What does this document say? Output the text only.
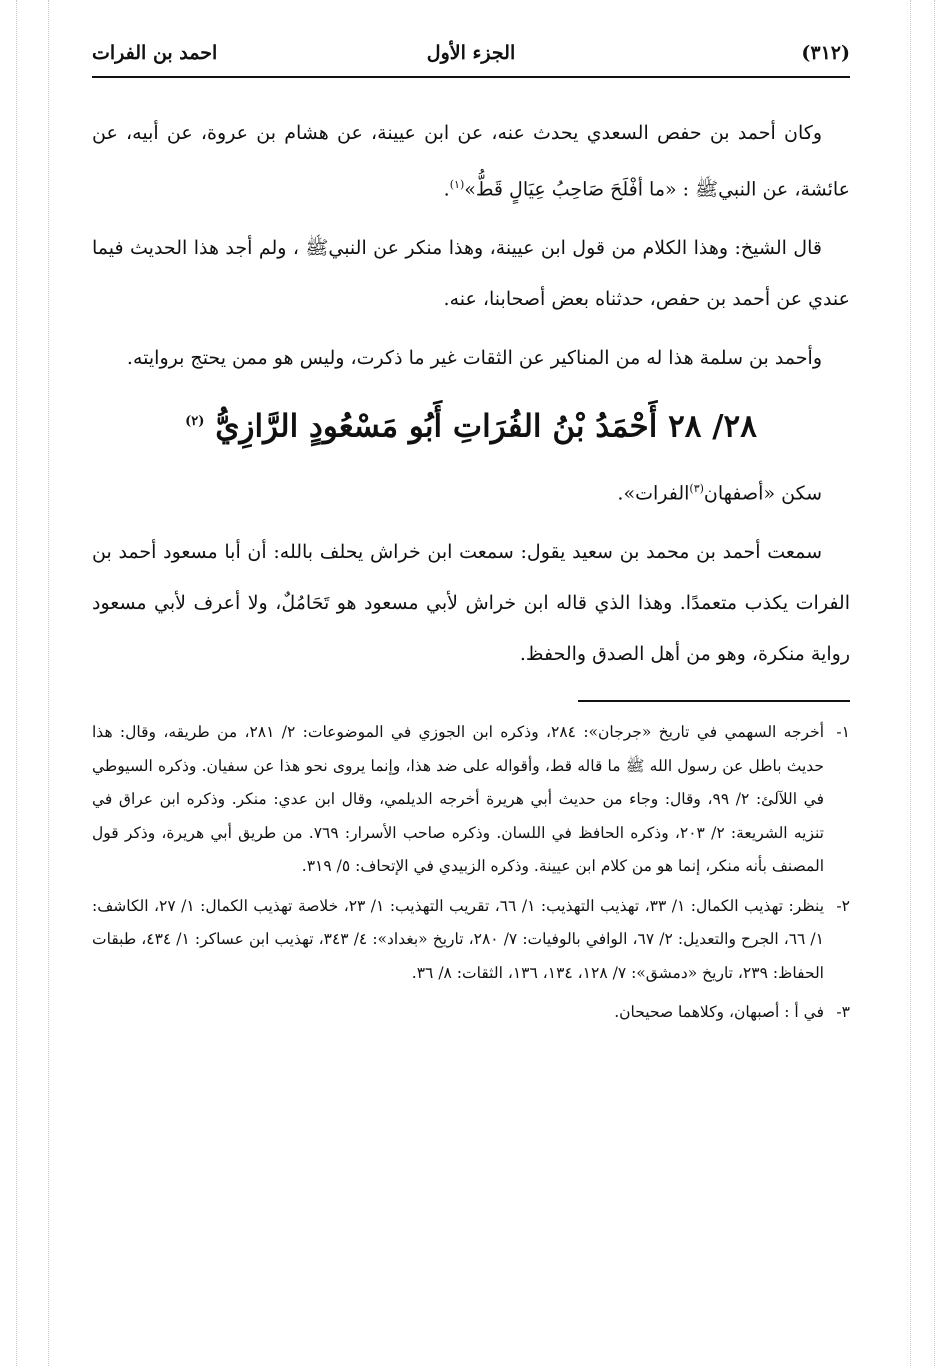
(٣١٢)
الجزء الأول
احمد بن الفرات

وكان أحمد بن حفص السعدي يحدث عنه، عن ابن عيينة، عن هشام بن عروة، عن أبيه، عن عائشة، عن النبيﷺ : «ما أفْلَحَ صَاحِبُ عِيَالٍ قَطُّ»$^{(١)}$.

قال الشيخ: وهذا الكلام من قول ابن عيينة، وهذا منكر عن النبيﷺ ، ولم أجد هذا الحديث فيما عندي عن أحمد بن حفص، حدثناه بعض أصحابنا، عنه.

وأحمد بن سلمة هذا له من المناكير عن الثقات غير ما ذكرت، وليس هو ممن يحتج بروايته.

٢٨/ ٢٨ أَحْمَدُ بْنُ الفُرَاتِ أَبُو مَسْعُودٍ الرَّازِيُّ $^{(٢)}$

سكن «أصفهان$^{(٣)}$الفرات».

سمعت أحمد بن محمد بن سعيد يقول: سمعت ابن خراش يحلف بالله: أن أبا مسعود أحمد بن الفرات يكذب متعمدًا. وهذا الذي قاله ابن خراش لأبي مسعود هو تَحَامُلٌ، ولا أعرف لأبي مسعود رواية منكرة، وهو من أهل الصدق والحفظ.

١-
أخرجه السهمي في تاريخ «جرجان»: ٢٨٤، وذكره ابن الجوزي في الموضوعات: ٢/ ٢٨١، من طريقه، وقال: هذا حديث باطل عن رسول الله ﷺ ما قاله قط، وأقواله على ضد هذا، وإنما يروى نحو هذا عن سفيان. وذكره السيوطي في اللآلئ: ٢/ ٩٩، وقال: وجاء من حديث أبي هريرة أخرجه الديلمي، وقال ابن عدي: منكر. وذكره ابن عراق في تنزيه الشريعة: ٢/ ٢٠٣، وذكره الحافظ في اللسان. وذكره صاحب الأسرار: ٧٦٩. من طريق أبي هريرة، وذكر قول المصنف بأنه منكر، إنما هو من كلام ابن عيينة. وذكره الزبيدي في الإتحاف: ٥/ ٣١٩.
٢-
ينظر: تهذيب الكمال: ١/ ٣٣، تهذيب التهذيب: ١/ ٦٦، تقريب التهذيب: ١/ ٢٣، خلاصة تهذيب الكمال: ١/ ٢٧، الكاشف: ١/ ٦٦، الجرح والتعديل: ٢/ ٦٧، الوافي بالوفيات: ٧/ ٢٨٠، تاريخ «بغداد»: ٤/ ٣٤٣، تهذيب ابن عساكر: ١/ ٤٣٤، طبقات الحفاظ: ٢٣٩، تاريخ «دمشق»: ٧/ ١٢٨، ١٣٤، ١٣٦، الثقات: ٨/ ٣٦.
٣-
في أ : أصبهان، وكلاهما صحيحان.
